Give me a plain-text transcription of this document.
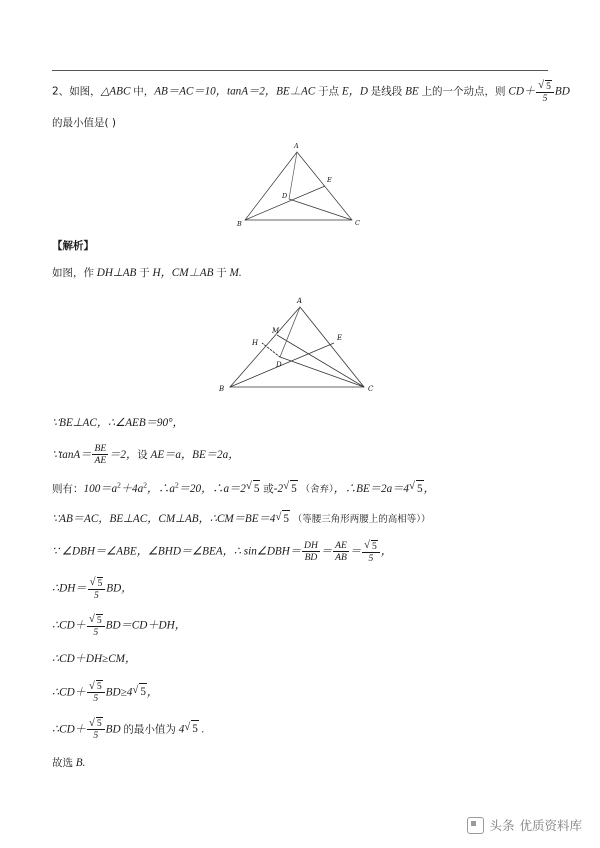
2、如图，△ABC 中，AB＝AC＝10，tanA＝2，BE⊥AC 于点 E，D 是线段 BE 上的一个动点，则 CD＋ √ $\frac{5}{5}$ BD
的最小值是( )
A
E
D
B	C
【解析】
如图，作 DH⊥AB 于 H，CM⊥AB 于 M.
A
M
E
H
D
B	C
∵BE⊥AC，∴∠AEB＝90°，
∵tanA＝ $\frac{BE}{AE} =2$，设 AE＝a，BE＝2a，
则有：$100=a^2+4a^2$，$\therefore a^2=20$，∴a＝2 √ 5 或-2 √ 5 （舍弃），∴BE＝2a＝4 √ 5，
∵AB＝AC，BE⊥AC，CM⊥AB，∴CM＝BE＝4 √ 5 （等腰三角形两腰上的高相等））
∵ ∠DBH＝∠ABE，∠BHD＝∠BEA，∴ sin∠DBH＝ $\frac{DH}{BD} = \frac{AE}{AB}$ ＝ √ $\frac{5}{5}$ ，
∴DH＝ √ $\frac{5}{5}$ BD，
∴CD＋ √ $\frac{5}{5} BD=CD+DH$，
∴CD＋DH≥CM，
∴CD＋ √ $\frac{5}{5} BD\ge 4$ √ 5，
∴CD＋ √ $\frac{5}{5}$ BD 的最小值为 4 √ 5 .
故选 B.
头条 优质资料库
